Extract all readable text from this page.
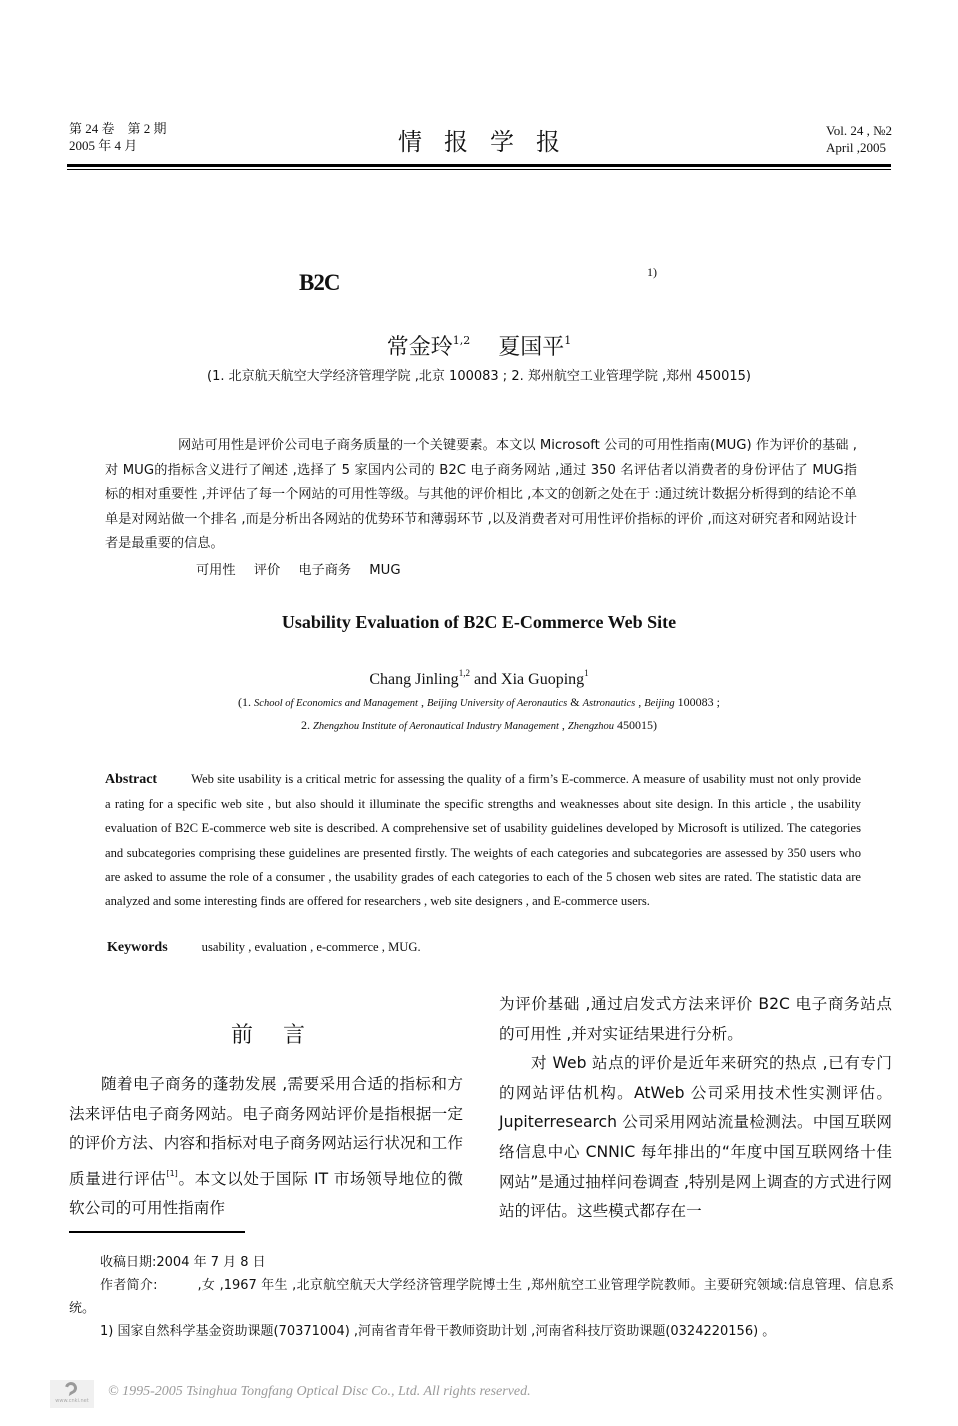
第 24 卷　第 2 期
2005 年 4 月	情报学报	Vol. 24 , №2
April ,2005
B2C	1)
常金玲$^{1,2}$ 夏国平$^1$
(1. 北京航天航空大学经济管理学院 ,北京 100083 ; 2. 郑州航空工业管理学院 ,郑州 450015)
网站可用性是评价公司电子商务质量的一个关键要素。本文以 Microsoft 公司的可用性指南(MUG) 作为评价的基础 ,对 MUG的指标含义进行了阐述 ,选择了 5 家国内公司的 B2C 电子商务网站 ,通过 350 名评估者以消费者的身份评估了 MUG指标的相对重要性 ,并评估了每一个网站的可用性等级。与其他的评价相比 ,本文的创新之处在于 :通过统计数据分析得到的结论不单单是对网站做一个排名 ,而是分析出各网站的优势环节和薄弱环节 ,以及消费者对可用性评价指标的评价 ,而这对研究者和网站设计者是最重要的信息。
可用性 评价 电子商务 MUG
Usability Evaluation of B2C E-Commerce Web Site
Chang Jinling$^{1,2}$ and Xia Guoping$^1$
(1. School of Economics and Management , Beijing University of Aeronautics & Astronautics , Beijing 100083 ;
2. Zhengzhou Institute of Aeronautical Industry Management , Zhengzhou 450015)
Abstract	Web site usability is a critical metric for assessing the quality of a firm’s E-commerce. A measure of usability must not only provide a rating for a specific web site , but also should it illuminate the specific strengths and weaknesses about site design. In this article , the usability evaluation of B2C E-commerce web site is described. A comprehensive set of usability guidelines developed by Microsoft is utilized. The categories and subcategories comprising these guidelines are presented firstly. The weights of each categories and subcategories are assessed by 350 users who are asked to assume the role of a consumer , the usability grades of each categories to each of the 5 chosen web sites are rated. The statistic data are analyzed and some interesting finds are offered for researchers , web site designers , and E-commerce users.
Keywords	usability , evaluation , e-commerce , MUG.
前言

随着电子商务的蓬勃发展 ,需要采用合适的指标和方法来评估电子商务网站。电子商务网站评价是指根据一定的评价方法、内容和指标对电子商务网站运行状况和工作质量进行评估[1]。本文以处于国际 IT 市场领导地位的微软公司的可用性指南作

为评价基础 ,通过启发式方法来评价 B2C 电子商务站点的可用性 ,并对实证结果进行分析。

对 Web 站点的评价是近年来研究的热点 ,已有专门的网站评估机构。AtWeb 公司采用技术性实测评估。Jupiterresearch 公司采用网站流量检测法。中国互联网络信息中心 CNNIC 每年排出的“年度中国互联网络十佳网站”是通过抽样问卷调查 ,特别是网上调查的方式进行网站的评估。这些模式都存在一

收稿日期:2004 年 7 月 8 日
作者简介:	,女 ,1967 年生 ,北京航空航天大学经济管理学院博士生 ,郑州航空工业管理学院教师。主要研究领域:信息管理、信息系统。
1) 国家自然科学基金资助课题(70371004) ,河南省青年骨干教师资助计划 ,河南省科技厅资助课题(0324220156) 。
www.cnki.net
© 1995-2005 Tsinghua Tongfang Optical Disc Co., Ltd. All rights reserved.
